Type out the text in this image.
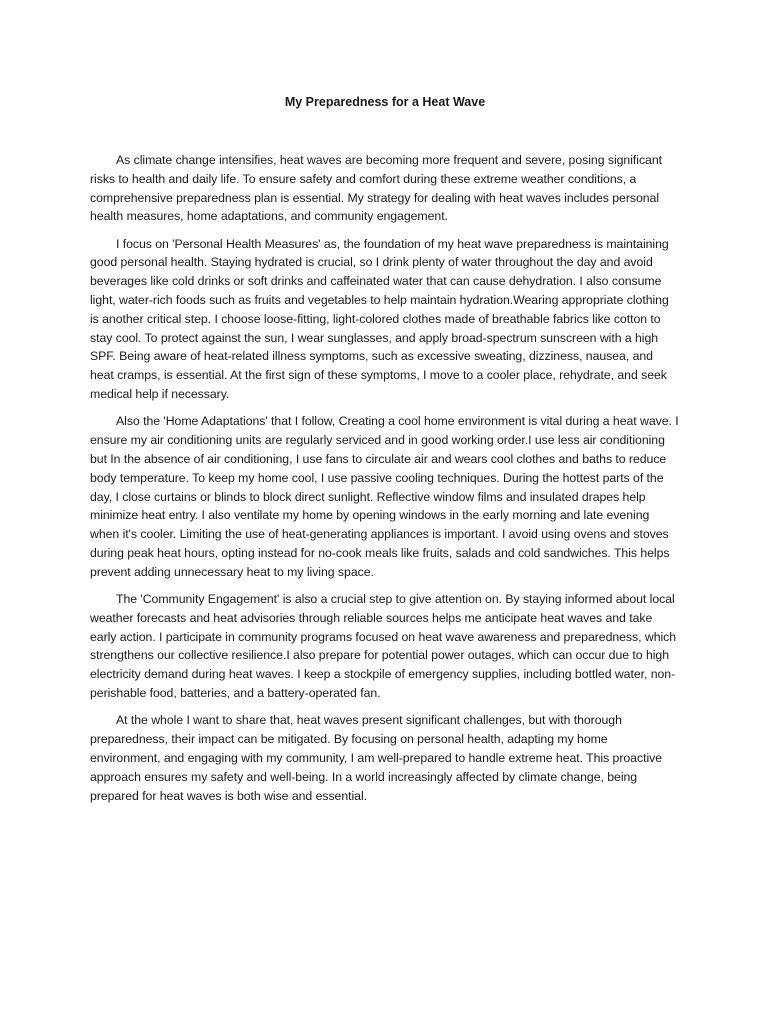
My Preparedness for a Heat Wave

As climate change intensifies, heat waves are becoming more frequent and severe, posing significant risks to health and daily life. To ensure safety and comfort during these extreme weather conditions, a comprehensive preparedness plan is essential. My strategy for dealing with heat waves includes personal health measures, home adaptations, and community engagement.

I focus on 'Personal Health Measures' as, the foundation of my heat wave preparedness is maintaining good personal health. Staying hydrated is crucial, so I drink plenty of water throughout the day and avoid beverages like cold drinks or soft drinks and caffeinated water that can cause dehydration. I also consume light, water-rich foods such as fruits and vegetables to help maintain hydration.Wearing appropriate clothing is another critical step. I choose loose-fitting, light-colored clothes made of breathable fabrics like cotton to stay cool. To protect against the sun, I wear sunglasses, and apply broad-spectrum sunscreen with a high SPF. Being aware of heat-related illness symptoms, such as excessive sweating, dizziness, nausea, and heat cramps, is essential. At the first sign of these symptoms, I move to a cooler place, rehydrate, and seek medical help if necessary.

Also the 'Home Adaptations' that I follow, Creating a cool home environment is vital during a heat wave. I ensure my air conditioning units are regularly serviced and in good working order.I use less air conditioning but In the absence of air conditioning, I use fans to circulate air and wears cool clothes and baths to reduce body temperature. To keep my home cool, I use passive cooling techniques. During the hottest parts of the day, I close curtains or blinds to block direct sunlight. Reflective window films and insulated drapes help minimize heat entry. I also ventilate my home by opening windows in the early morning and late evening when it's cooler. Limiting the use of heat-generating appliances is important. I avoid using ovens and stoves during peak heat hours, opting instead for no-cook meals like fruits, salads and cold sandwiches. This helps prevent adding unnecessary heat to my living space.

The 'Community Engagement' is also a crucial step to give attention on. By staying informed about local weather forecasts and heat advisories through reliable sources helps me anticipate heat waves and take early action. I participate in community programs focused on heat wave awareness and preparedness, which strengthens our collective resilience.I also prepare for potential power outages, which can occur due to high electricity demand during heat waves. I keep a stockpile of emergency supplies, including bottled water, non-perishable food, batteries, and a battery-operated fan.

At the whole I want to share that, heat waves present significant challenges, but with thorough preparedness, their impact can be mitigated. By focusing on personal health, adapting my home environment, and engaging with my community, I am well-prepared to handle extreme heat. This proactive approach ensures my safety and well-being. In a world increasingly affected by climate change, being prepared for heat waves is both wise and essential.
